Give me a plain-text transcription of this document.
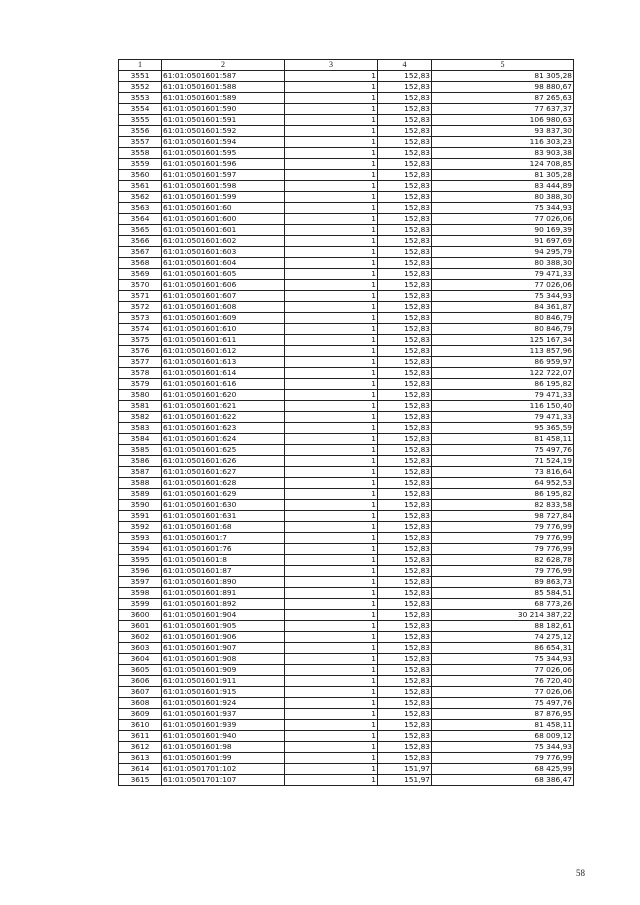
1	2	3	4	5
3551	61:01:0501601:587	1	152,83	81 305,28
3552	61:01:0501601:588	1	152,83	98 880,67
3553	61:01:0501601:589	1	152,83	87 265,63
3554	61:01:0501601:590	1	152,83	77 637,37
3555	61:01:0501601:591	1	152,83	106 980,63
3556	61:01:0501601:592	1	152,83	93 837,30
3557	61:01:0501601:594	1	152,83	116 303,23
3558	61:01:0501601:595	1	152,83	83 903,38
3559	61:01:0501601:596	1	152,83	124 708,85
3560	61:01:0501601:597	1	152,83	81 305,28
3561	61:01:0501601:598	1	152,83	83 444,89
3562	61:01:0501601:599	1	152,83	80 388,30
3563	61:01:0501601:60	1	152,83	75 344,93
3564	61:01:0501601:600	1	152,83	77 026,06
3565	61:01:0501601:601	1	152,83	90 169,39
3566	61:01:0501601:602	1	152,83	91 697,69
3567	61:01:0501601:603	1	152,83	94 295,79
3568	61:01:0501601:604	1	152,83	80 388,30
3569	61:01:0501601:605	1	152,83	79 471,33
3570	61:01:0501601:606	1	152,83	77 026,06
3571	61:01:0501601:607	1	152,83	75 344,93
3572	61:01:0501601:608	1	152,83	84 361,87
3573	61:01:0501601:609	1	152,83	80 846,79
3574	61:01:0501601:610	1	152,83	80 846,79
3575	61:01:0501601:611	1	152,83	125 167,34
3576	61:01:0501601:612	1	152,83	113 857,96
3577	61:01:0501601:613	1	152,83	86 959,97
3578	61:01:0501601:614	1	152,83	122 722,07
3579	61:01:0501601:616	1	152,83	86 195,82
3580	61:01:0501601:620	1	152,83	79 471,33
3581	61:01:0501601:621	1	152,83	116 150,40
3582	61:01:0501601:622	1	152,83	79 471,33
3583	61:01:0501601:623	1	152,83	95 365,59
3584	61:01:0501601:624	1	152,83	81 458,11
3585	61:01:0501601:625	1	152,83	75 497,76
3586	61:01:0501601:626	1	152,83	71 524,19
3587	61:01:0501601:627	1	152,83	73 816,64
3588	61:01:0501601:628	1	152,83	64 952,53
3589	61:01:0501601:629	1	152,83	86 195,82
3590	61:01:0501601:630	1	152,83	82 833,58
3591	61:01:0501601:631	1	152,83	98 727,84
3592	61:01:0501601:68	1	152,83	79 776,99
3593	61:01:0501601:7	1	152,83	79 776,99
3594	61:01:0501601:76	1	152,83	79 776,99
3595	61:01:0501601:8	1	152,83	82 628,78
3596	61:01:0501601:87	1	152,83	79 776,99
3597	61:01:0501601:890	1	152,83	89 863,73
3598	61:01:0501601:891	1	152,83	85 584,51
3599	61:01:0501601:892	1	152,83	68 773,26
3600	61:01:0501601:904	1	152,83	30 214 387,22
3601	61:01:0501601:905	1	152,83	88 182,61
3602	61:01:0501601:906	1	152,83	74 275,12
3603	61:01:0501601:907	1	152,83	86 654,31
3604	61:01:0501601:908	1	152,83	75 344,93
3605	61:01:0501601:909	1	152,83	77 026,06
3606	61:01:0501601:911	1	152,83	76 720,40
3607	61:01:0501601:915	1	152,83	77 026,06
3608	61:01:0501601:924	1	152,83	75 497,76
3609	61:01:0501601:937	1	152,83	87 876,95
3610	61:01:0501601:939	1	152,83	81 458,11
3611	61:01:0501601:940	1	152,83	68 009,12
3612	61:01:0501601:98	1	152,83	75 344,93
3613	61:01:0501601:99	1	152,83	79 776,99
3614	61:01:0501701:102	1	151,97	68 425,99
3615	61:01:0501701:107	1	151,97	68 386,47
58
